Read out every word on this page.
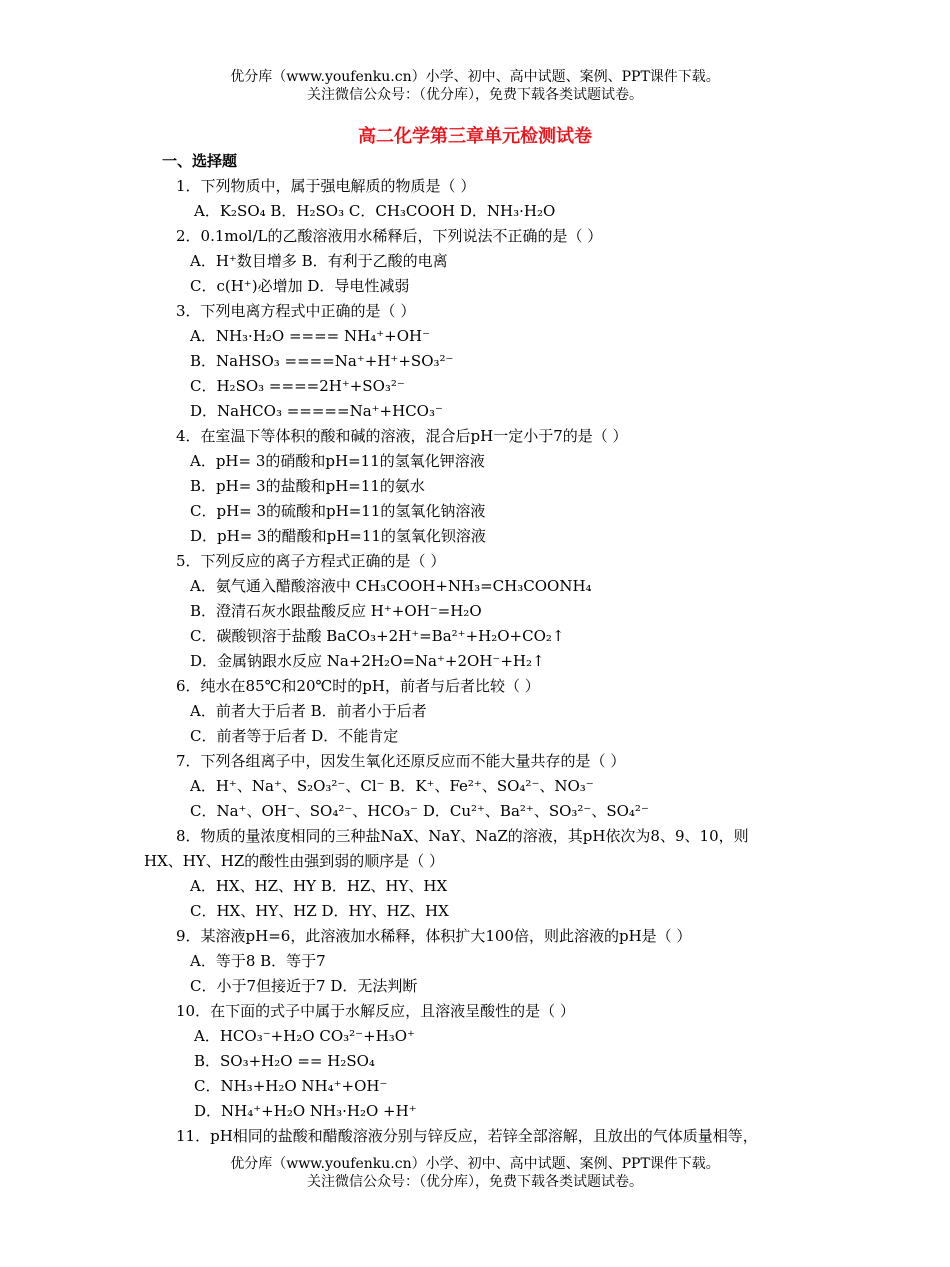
优分库（www.youfenku.cn）小学、初中、高中试题、案例、PPT课件下载。
关注微信公众号：（优分库），免费下载各类试题试卷。
高二化学第三章单元检测试卷
一、选择题
1．下列物质中，属于强电解质的物质是（ ）
A．K₂SO₄ B．H₂SO₃ C．CH₃COOH D．NH₃·H₂O
2．0.1mol/L的乙酸溶液用水稀释后，下列说法不正确的是（ ）
A．H⁺数目增多 B．有利于乙酸的电离
C．c(H⁺)必增加 D．导电性减弱
3．下列电离方程式中正确的是（ ）
A．NH₃·H₂O ==== NH₄⁺+OH⁻
B．NaHSO₃ ====Na⁺+H⁺+SO₃²⁻
C．H₂SO₃ ====2H⁺+SO₃²⁻
D．NaHCO₃ =====Na⁺+HCO₃⁻
4．在室温下等体积的酸和碱的溶液，混合后pH一定小于7的是（ ）
A．pH= 3的硝酸和pH=11的氢氧化钾溶液
B．pH= 3的盐酸和pH=11的氨水
C．pH= 3的硫酸和pH=11的氢氧化钠溶液
D．pH= 3的醋酸和pH=11的氢氧化钡溶液
5．下列反应的离子方程式正确的是（ ）
A．氨气通入醋酸溶液中 CH₃COOH+NH₃=CH₃COONH₄
B．澄清石灰水跟盐酸反应 H⁺+OH⁻=H₂O
C．碳酸钡溶于盐酸 BaCO₃+2H⁺=Ba²⁺+H₂O+CO₂↑
D．金属钠跟水反应 Na+2H₂O=Na⁺+2OH⁻+H₂↑
6．纯水在85℃和20℃时的pH，前者与后者比较（ ）
A．前者大于后者 B．前者小于后者
C．前者等于后者 D．不能肯定
7．下列各组离子中，因发生氧化还原反应而不能大量共存的是（ ）
A．H⁺、Na⁺、S₂O₃²⁻、Cl⁻ B．K⁺、Fe²⁺、SO₄²⁻、NO₃⁻
C．Na⁺、OH⁻、SO₄²⁻、HCO₃⁻ D．Cu²⁺、Ba²⁺、SO₃²⁻、SO₄²⁻
8．物质的量浓度相同的三种盐NaX、NaY、NaZ的溶液，其pH依次为8、9、10，则
HX、HY、HZ的酸性由强到弱的顺序是（ ）
A．HX、HZ、HY B．HZ、HY、HX
C．HX、HY、HZ D．HY、HZ、HX
9．某溶液pH=6，此溶液加水稀释，体积扩大100倍，则此溶液的pH是（ ）
A．等于8 B．等于7
C．小于7但接近于7 D．无法判断
10．在下面的式子中属于水解反应，且溶液呈酸性的是（ ）
A．HCO₃⁻+H₂O CO₃²⁻+H₃O⁺
B．SO₃+H₂O == H₂SO₄
C．NH₃+H₂O NH₄⁺+OH⁻
D．NH₄⁺+H₂O NH₃·H₂O +H⁺
11．pH相同的盐酸和醋酸溶液分别与锌反应，若锌全部溶解，且放出的气体质量相等，
优分库（www.youfenku.cn）小学、初中、高中试题、案例、PPT课件下载。
关注微信公众号：（优分库），免费下载各类试题试卷。
